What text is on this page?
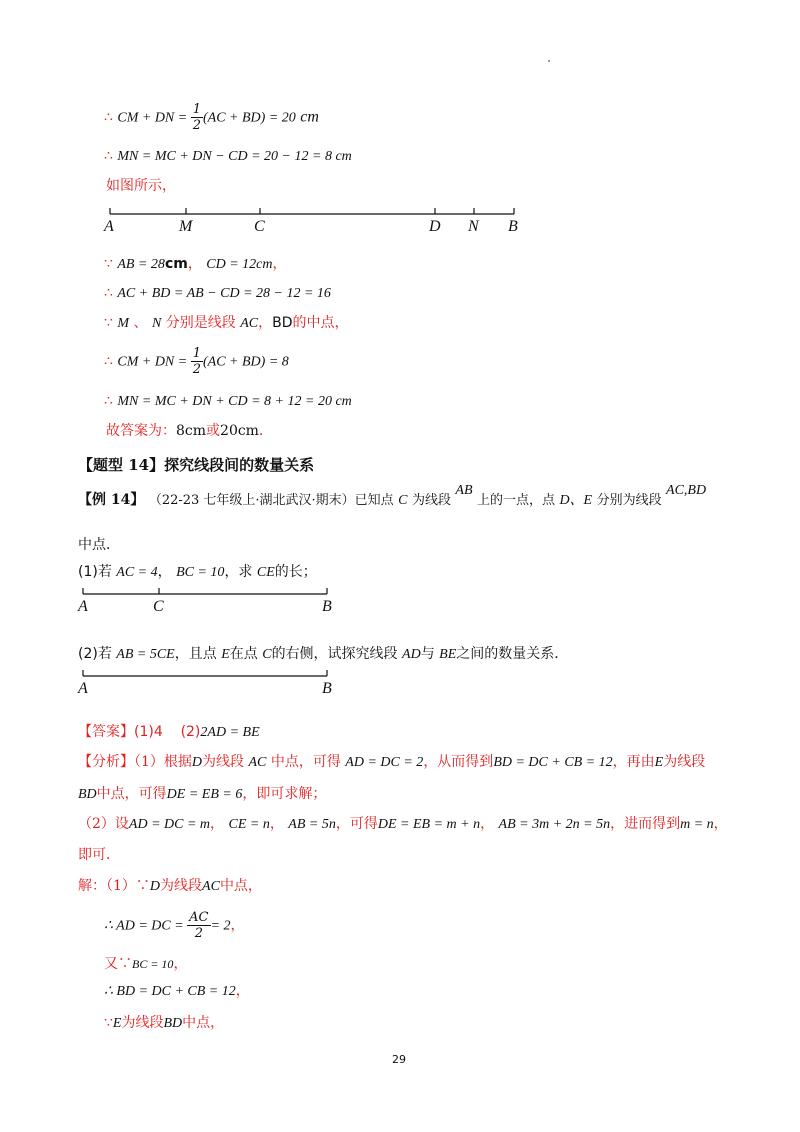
∴ CM + DN = $\frac{1}{2} (AC + BD) = 20$ cm
∴ MN = MC + DN − CD = 20 − 12 = 8 cm
如图所示，
A	M	C	D N B
∵ AB = 28cm， CD = 12cm，
∴ AC + BD = AB − CD = 28 − 12 = 16
∵ M 、 N 分别是线段 AC，BD的中点，
∴ CM + DN = $\frac{1}{2} (AC + BD) = 8$
∴ MN = MC + DN + CD = 8 + 12 = 20 cm
故答案为：8cm或20cm．
【题型 14】探究线段间的数量关系
【例 14】 （22-23 七年级上·湖北武汉·期末）已知点 C 为线段 AB 上的一点，点 D、E 分别为线段 AC,BD
中点．
(1)若 AC = 4， BC = 10，求 CE的长；
A	C	B
(2)若 AB = 5CE，且点 E在点 C的右侧，试探究线段 AD与 BE之间的数量关系．
A	B
【答案】(1)4 (2)2AD = BE
【分析】（1）根据D为线段 AC 中点，可得 AD = DC = 2，从而得到BD = DC + CB = 12，再由E为线段
BD中点，可得DE = EB = 6，即可求解；
（2）设AD = DC = m， CE = n， AB = 5n，可得DE = EB = m + n， AB = 3m + 2n = 5n，进而得到m = n，
即可．
解：（1）∵D为线段AC中点，
∴ AD = DC = $\frac{AC}{2} = 2$，
又∵BC = 10，
∴ BD = DC + CB = 12，
∵E为线段BD中点，
29
